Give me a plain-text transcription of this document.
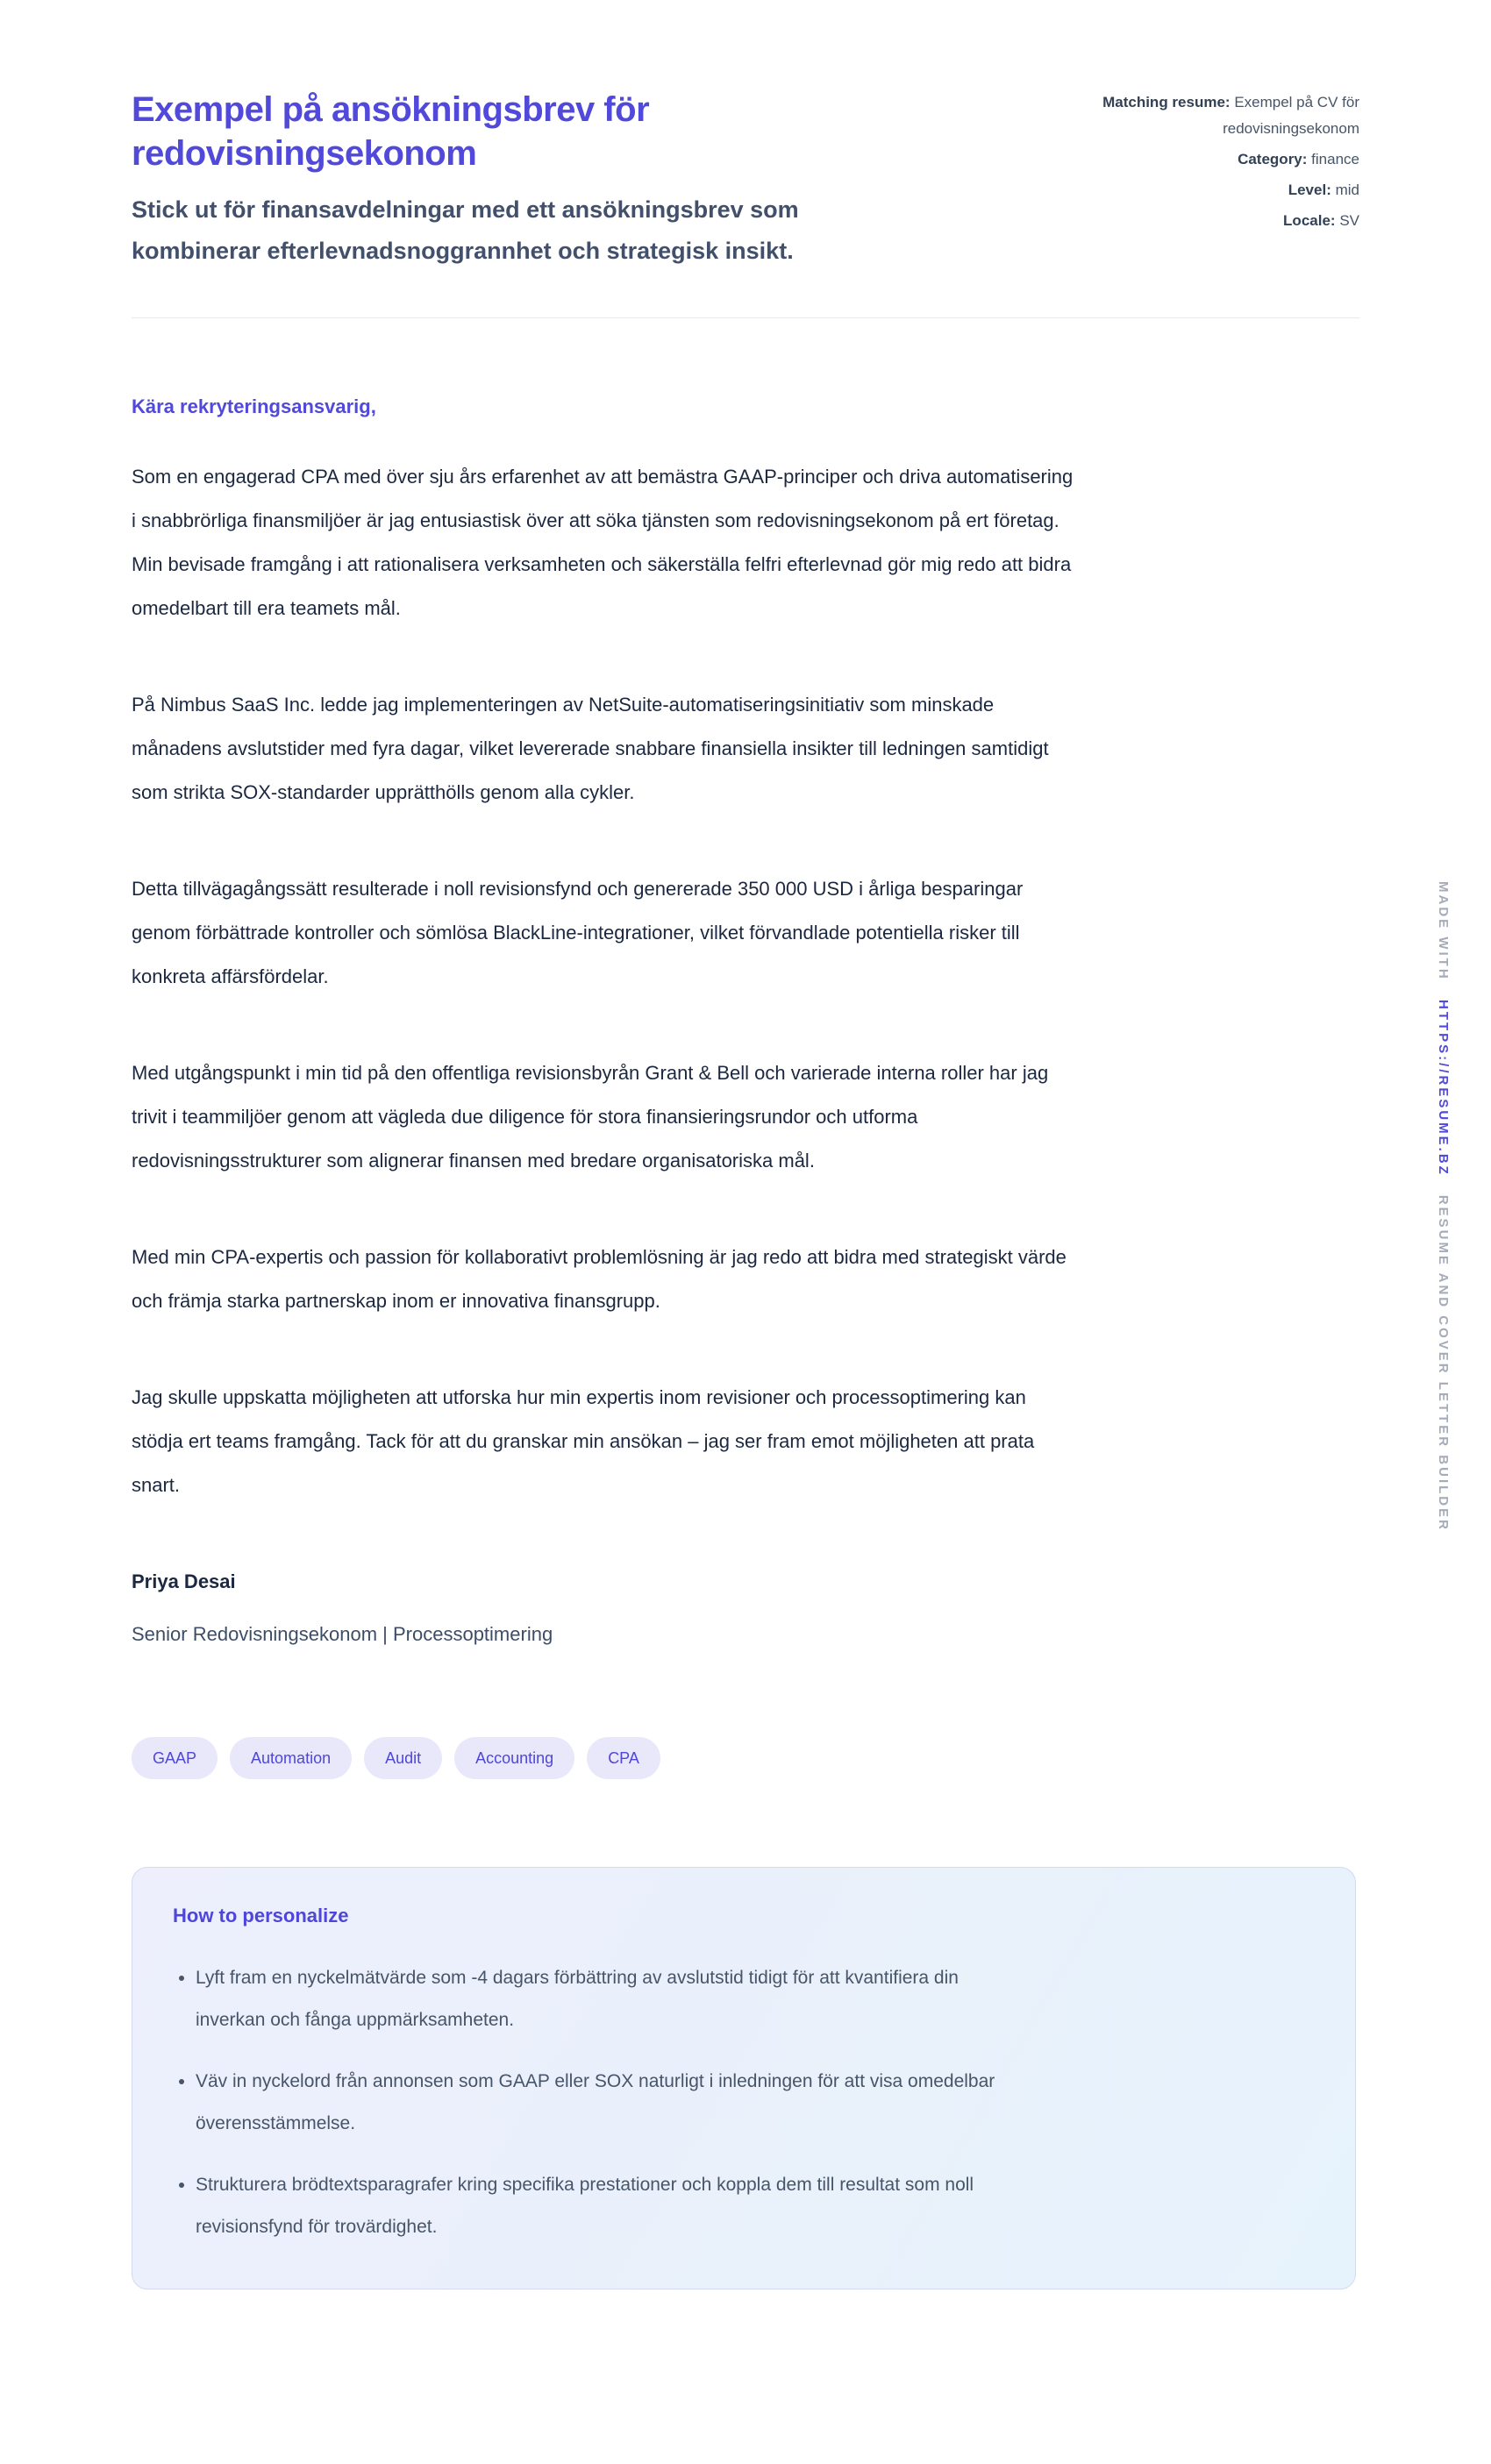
Exempel på ansökningsbrev för redovisningsekonom

Stick ut för finansavdelningar med ett ansökningsbrev som kombinerar efterlevnadsnoggrannhet och strategisk insikt.

Matching resume: Exempel på CV för redovisningsekonom
Category: finance
Level: mid
Locale: SV

Kära rekryteringsansvarig,

Som en engagerad CPA med över sju års erfarenhet av att bemästra GAAP-principer och driva automatisering i snabbrörliga finansmiljöer är jag entusiastisk över att söka tjänsten som redovisningsekonom på ert företag. Min bevisade framgång i att rationalisera verksamheten och säkerställa felfri efterlevnad gör mig redo att bidra omedelbart till era teamets mål.

På Nimbus SaaS Inc. ledde jag implementeringen av NetSuite-automatiseringsinitiativ som minskade månadens avslutstider med fyra dagar, vilket levererade snabbare finansiella insikter till ledningen samtidigt som strikta SOX-standarder upprätthölls genom alla cykler.

Detta tillvägagångssätt resulterade i noll revisionsfynd och genererade 350 000 USD i årliga besparingar genom förbättrade kontroller och sömlösa BlackLine-integrationer, vilket förvandlade potentiella risker till konkreta affärsfördelar.

Med utgångspunkt i min tid på den offentliga revisionsbyrån Grant & Bell och varierade interna roller har jag trivit i teammiljöer genom att vägleda due diligence för stora finansieringsrundor och utforma redovisningsstrukturer som alignerar finansen med bredare organisatoriska mål.

Med min CPA-expertis och passion för kollaborativt problemlösning är jag redo att bidra med strategiskt värde och främja starka partnerskap inom er innovativa finansgrupp.

Jag skulle uppskatta möjligheten att utforska hur min expertis inom revisioner och processoptimering kan stödja ert teams framgång. Tack för att du granskar min ansökan – jag ser fram emot möjligheten att prata snart.

Priya Desai

Senior Redovisningsekonom | Processoptimering

GAAP	Automation	Audit	Accounting	CPA
How to personalize
• Lyft fram en nyckelmätvärde som -4 dagars förbättring av avslutstid tidigt för att kvantifiera din inverkan och fånga uppmärksamheten.
• Väv in nyckelord från annonsen som GAAP eller SOX naturligt i inledningen för att visa omedelbar överensstämmelse.
• Strukturera brödtextsparagrafer kring specifika prestationer och koppla dem till resultat som noll revisionsfynd för trovärdighet.
MADE WITH HTTPS://RESUME.BZ RESUME AND COVER LETTER BUILDER
